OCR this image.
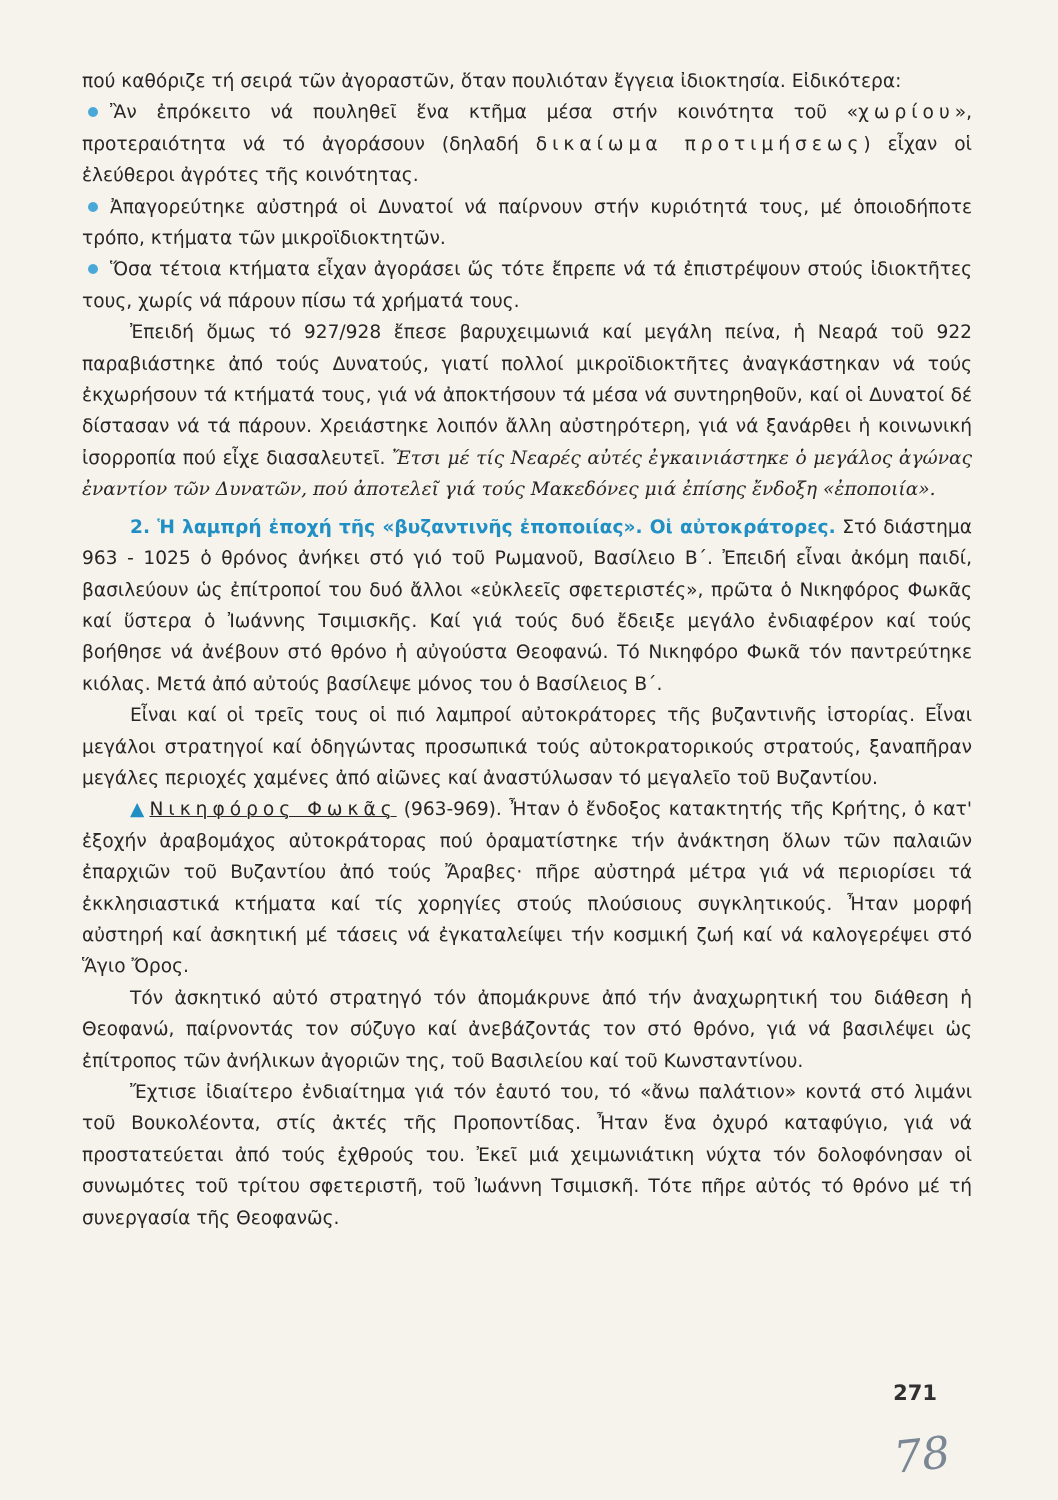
πού καθόριζε τή σειρά τῶν ἀγοραστῶν, ὅταν πουλιόταν ἔγγεια ἰδιοκτησία. Εἰδικότερα:

Ἂν ἐπρόκειτο νά πουληθεῖ ἕνα κτῆμα μέσα στήν κοινότητα τοῦ «χωρίου», προτεραιότητα νά τό ἀγοράσουν (δηλαδή δικαίωμα προτιμήσεως) εἶχαν οἱ ἐλεύθεροι ἀγρότες τῆς κοινότητας.

Ἀπαγορεύτηκε αὐστηρά οἱ Δυνατοί νά παίρνουν στήν κυριότητά τους, μέ ὁποιοδήποτε τρόπο, κτήματα τῶν μικροϊδιοκτητῶν.

Ὅσα τέτοια κτήματα εἶχαν ἀγοράσει ὥς τότε ἔπρεπε νά τά ἐπιστρέψουν στούς ἰδιοκτῆτες τους, χωρίς νά πάρουν πίσω τά χρήματά τους.

Ἐπειδή ὅμως τό 927/928 ἔπεσε βαρυχειμωνιά καί μεγάλη πείνα, ἡ Νεαρά τοῦ 922 παραβιάστηκε ἀπό τούς Δυνατούς, γιατί πολλοί μικροϊδιοκτῆτες ἀναγκάστηκαν νά τούς ἐκχωρήσουν τά κτήματά τους, γιά νά ἀποκτήσουν τά μέσα νά συντηρηθοῦν, καί οἱ Δυνατοί δέ δίστασαν νά τά πάρουν. Χρειάστηκε λοιπόν ἄλλη αὐστηρότερη, γιά νά ξανάρθει ἡ κοινωνική ἰσορροπία πού εἶχε διασαλευτεῖ. Ἔτσι μέ τίς Νεαρές αὐτές ἐγκαινιάστηκε ὁ μεγάλος ἀγώνας ἐναντίον τῶν Δυνατῶν, πού ἀποτελεῖ γιά τούς Μακεδόνες μιά ἐπίσης ἔνδοξη «ἐποποιία».

2. Ἡ λαμπρή ἐποχή τῆς «βυζαντινῆς ἐποποιίας». Οἱ αὐτοκράτορες. Στό διάστημα 963 - 1025 ὁ θρόνος ἀνήκει στό γιό τοῦ Ρωμανοῦ, Βασίλειο Β΄. Ἐπειδή εἶναι ἀκόμη παιδί, βασιλεύουν ὡς ἐπίτροποί του δυό ἄλλοι «εὐκλεεῖς σφετεριστές», πρῶτα ὁ Νικηφόρος Φωκᾶς καί ὕστερα ὁ Ἰωάννης Τσιμισκῆς. Καί γιά τούς δυό ἔδειξε μεγάλο ἐνδιαφέρον καί τούς βοήθησε νά ἀνέβουν στό θρόνο ἡ αὐγούστα Θεοφανώ. Τό Νικηφόρο Φωκᾶ τόν παντρεύτηκε κιόλας. Μετά ἀπό αὐτούς βασίλεψε μόνος του ὁ Βασίλειος Β΄.

Εἶναι καί οἱ τρεῖς τους οἱ πιό λαμπροί αὐτοκράτορες τῆς βυζαντινῆς ἱστορίας. Εἶναι μεγάλοι στρατηγοί καί ὁδηγώντας προσωπικά τούς αὐτοκρατορικούς στρατούς, ξαναπῆραν μεγάλες περιοχές χαμένες ἀπό αἰῶνες καί ἀναστύλωσαν τό μεγαλεῖο τοῦ Βυζαντίου.

▲ Νικηφόρος Φωκᾶς (963-969). Ἦταν ὁ ἔνδοξος κατακτητής τῆς Κρήτης, ὁ κατ' ἐξοχήν ἀραβομάχος αὐτοκράτορας πού ὁραματίστηκε τήν ἀνάκτηση ὅλων τῶν παλαιῶν ἐπαρχιῶν τοῦ Βυζαντίου ἀπό τούς Ἄραβες· πῆρε αὐστηρά μέτρα γιά νά περιορίσει τά ἐκκλησιαστικά κτήματα καί τίς χορηγίες στούς πλούσιους συγκλητικούς. Ἦταν μορφή αὐστηρή καί ἀσκητική μέ τάσεις νά ἐγκαταλείψει τήν κοσμική ζωή καί νά καλογερέψει στό Ἅγιο Ὄρος.

Τόν ἀσκητικό αὐτό στρατηγό τόν ἀπομάκρυνε ἀπό τήν ἀναχωρητική του διάθεση ἡ Θεοφανώ, παίρνοντάς τον σύζυγο καί ἀνεβάζοντάς τον στό θρόνο, γιά νά βασιλέψει ὡς ἐπίτροπος τῶν ἀνήλικων ἀγοριῶν της, τοῦ Βασιλείου καί τοῦ Κωνσταντίνου.

Ἔχτισε ἰδιαίτερο ἐνδιαίτημα γιά τόν ἑαυτό του, τό «ἄνω παλάτιον» κοντά στό λιμάνι τοῦ Βουκολέοντα, στίς ἀκτές τῆς Προποντίδας. Ἦταν ἕνα ὀχυρό καταφύγιο, γιά νά προστατεύεται ἀπό τούς ἐχθρούς του. Ἐκεῖ μιά χειμωνιάτικη νύχτα τόν δολοφόνησαν οἱ συνωμότες τοῦ τρίτου σφετεριστῆ, τοῦ Ἰωάννη Τσιμισκῆ. Τότε πῆρε αὐτός τό θρόνο μέ τή συνεργασία τῆς Θεοφανῶς.

271
78
